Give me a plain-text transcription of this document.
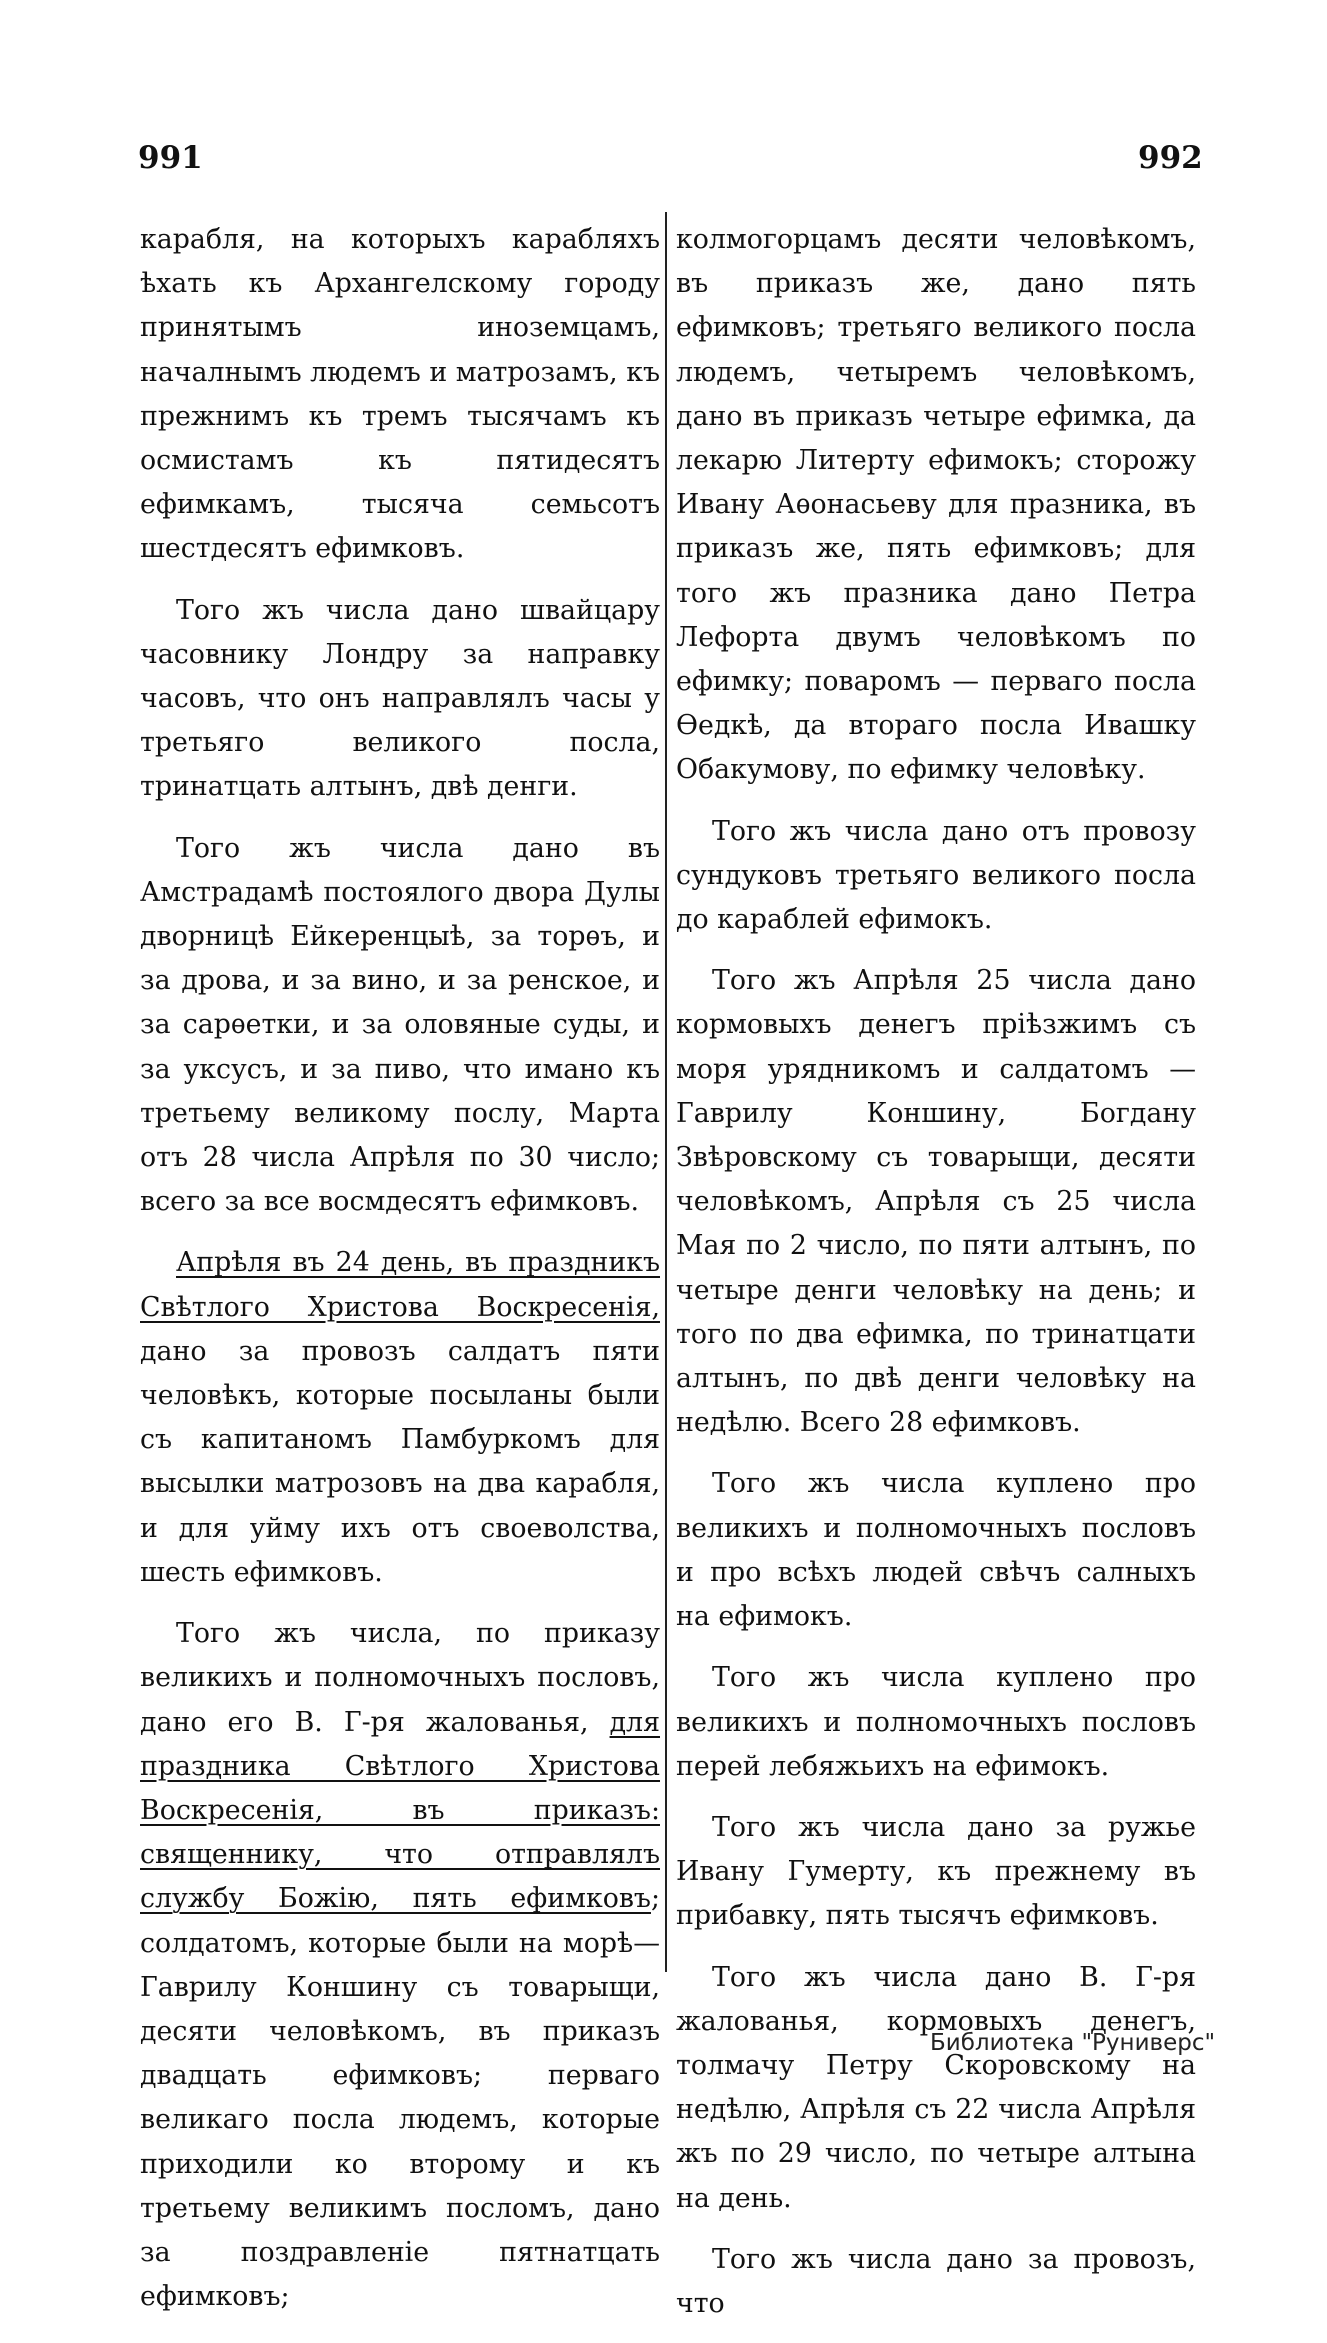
991	992

карабля, на которыхъ карабляхъ ѣхать къ Архангелскому городу принятымъ иноземцамъ, началнымъ людемъ и матрозамъ, къ прежнимъ къ тремъ тысячамъ къ осмистамъ къ пятидесятъ ефимкамъ, тысяча семьсотъ шестдесятъ ефимковъ.

Того жъ числа дано швайцару часовнику Лондру за направку часовъ, что онъ направлялъ часы у третьяго великого посла, тринатцать алтынъ, двѣ денги.

Того жъ числа дано въ Амстрадамѣ постоялого двора Дулы дворницѣ Ейкеренцыѣ, за торѳъ, и за дрова, и за вино, и за ренское, и за сарѳетки, и за оловяные суды, и за уксусъ, и за пиво, что имано къ третьему великому послу, Марта отъ 28 числа Апрѣля по 30 число; всего за все восмдесятъ ефимковъ.

Апрѣля въ 24 день, въ праздникъ Свѣтлого Христова Воскресенія, дано за провозъ салдатъ пяти человѣкъ, которые посыланы были съ капитаномъ Памбуркомъ для высылки матрозовъ на два карабля, и для уйму ихъ отъ своеволства, шесть ефимковъ.

Того жъ числа, по приказу великихъ и полномочныхъ пословъ, дано его В. Г-ря жалованья, для праздника Свѣтлого Христова Воскресенія, въ приказъ: священнику, что отправлялъ службу Божію, пять ефимковъ; солдатомъ, которые были на морѣ—Гаврилу Коншину съ товарыщи, десяти человѣкомъ, въ приказъ двадцать ефимковъ; перваго великаго посла людемъ, которые приходили ко второму и къ третьему великимъ посломъ, дано за поздравленіе пятнатцать ефимковъ;

колмогорцамъ десяти человѣкомъ, въ приказъ же, дано пять ефимковъ; третьяго великого посла людемъ, четыремъ человѣкомъ, дано въ приказъ четыре ефимка, да лекарю Литерту ефимокъ; сторожу Ивану Аѳонасьеву для празника, въ приказъ же, пять ефимковъ; для того жъ празника дано Петра Лефорта двумъ человѣкомъ по ефимку; поваромъ — перваго посла Ѳедкѣ, да втораго посла Ивашку Обакумову, по ефимку человѣку.

Того жъ числа дано отъ провозу сундуковъ третьяго великого посла до караблей ефимокъ.

Того жъ Апрѣля 25 числа дано кормовыхъ денегъ пріѣзжимъ съ моря урядникомъ и салдатомъ — Гаврилу Коншину, Богдану Звѣровскому съ товарыщи, десяти человѣкомъ, Апрѣля съ 25 числа Мая по 2 число, по пяти алтынъ, по четыре денги человѣку на день; и того по два ефимка, по тринатцати алтынъ, по двѣ денги человѣку на недѣлю. Всего 28 ефимковъ.

Того жъ числа куплено про великихъ и полномочныхъ пословъ и про всѣхъ людей свѣчъ салныхъ на ефимокъ.

Того жъ числа куплено про великихъ и полномочныхъ пословъ перей лебяжьихъ на ефимокъ.

Того жъ числа дано за ружье Ивану Гумерту, къ прежнему въ прибавку, пять тысячъ ефимковъ.

Того жъ числа дано В. Г-ря жалованья, кормовыхъ денегъ, толмачу Петру Скоровскому на недѣлю, Апрѣля съ 22 числа Апрѣля жъ по 29 число, по четыре алтына на день.

Того жъ числа дано за провозъ, что

Библиотека "Руниверс"
